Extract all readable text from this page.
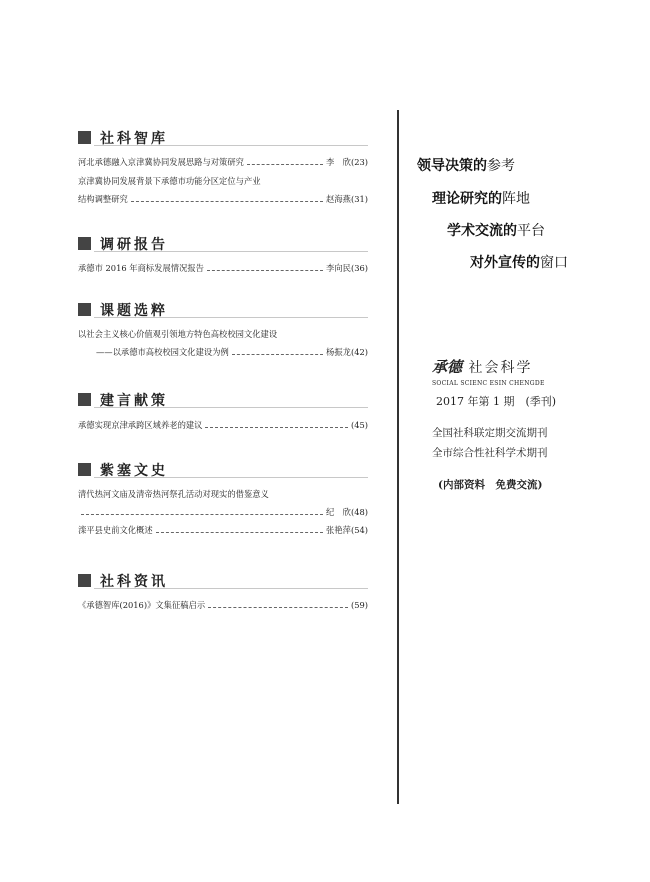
社科智库
河北承德融入京津冀协同发展思路与对策研究	李　欣 (23)
京津冀协同发展背景下承德市功能分区定位与产业
结构调整研究	赵海燕 (31)
调研报告
承德市 2016 年商标发展情况报告	李向民 (36)
课题选粹
以社会主义核心价值观引领地方特色高校校园文化建设
——以承德市高校校园文化建设为例	杨振龙 (42)
建言献策
承德实现京津承跨区域养老的建议	(45)
紫塞文史
清代热河文庙及清帝热河祭孔活动对现实的借鉴意义
纪　欣 (48)
滦平县史前文化概述	张艳萍 (54)
社科资讯
《承德智库(2016)》文集征稿启示	(59)
领导决策的参考
理论研究的阵地
学术交流的平台
对外宣传的窗口
承德 社会科学
SOCIAL SCIENC ESIN CHENGDE
2017 年第 1 期　(季刊)
全国社科联定期交流期刊
全市综合性社科学术期刊
(内部资料　免费交流)
